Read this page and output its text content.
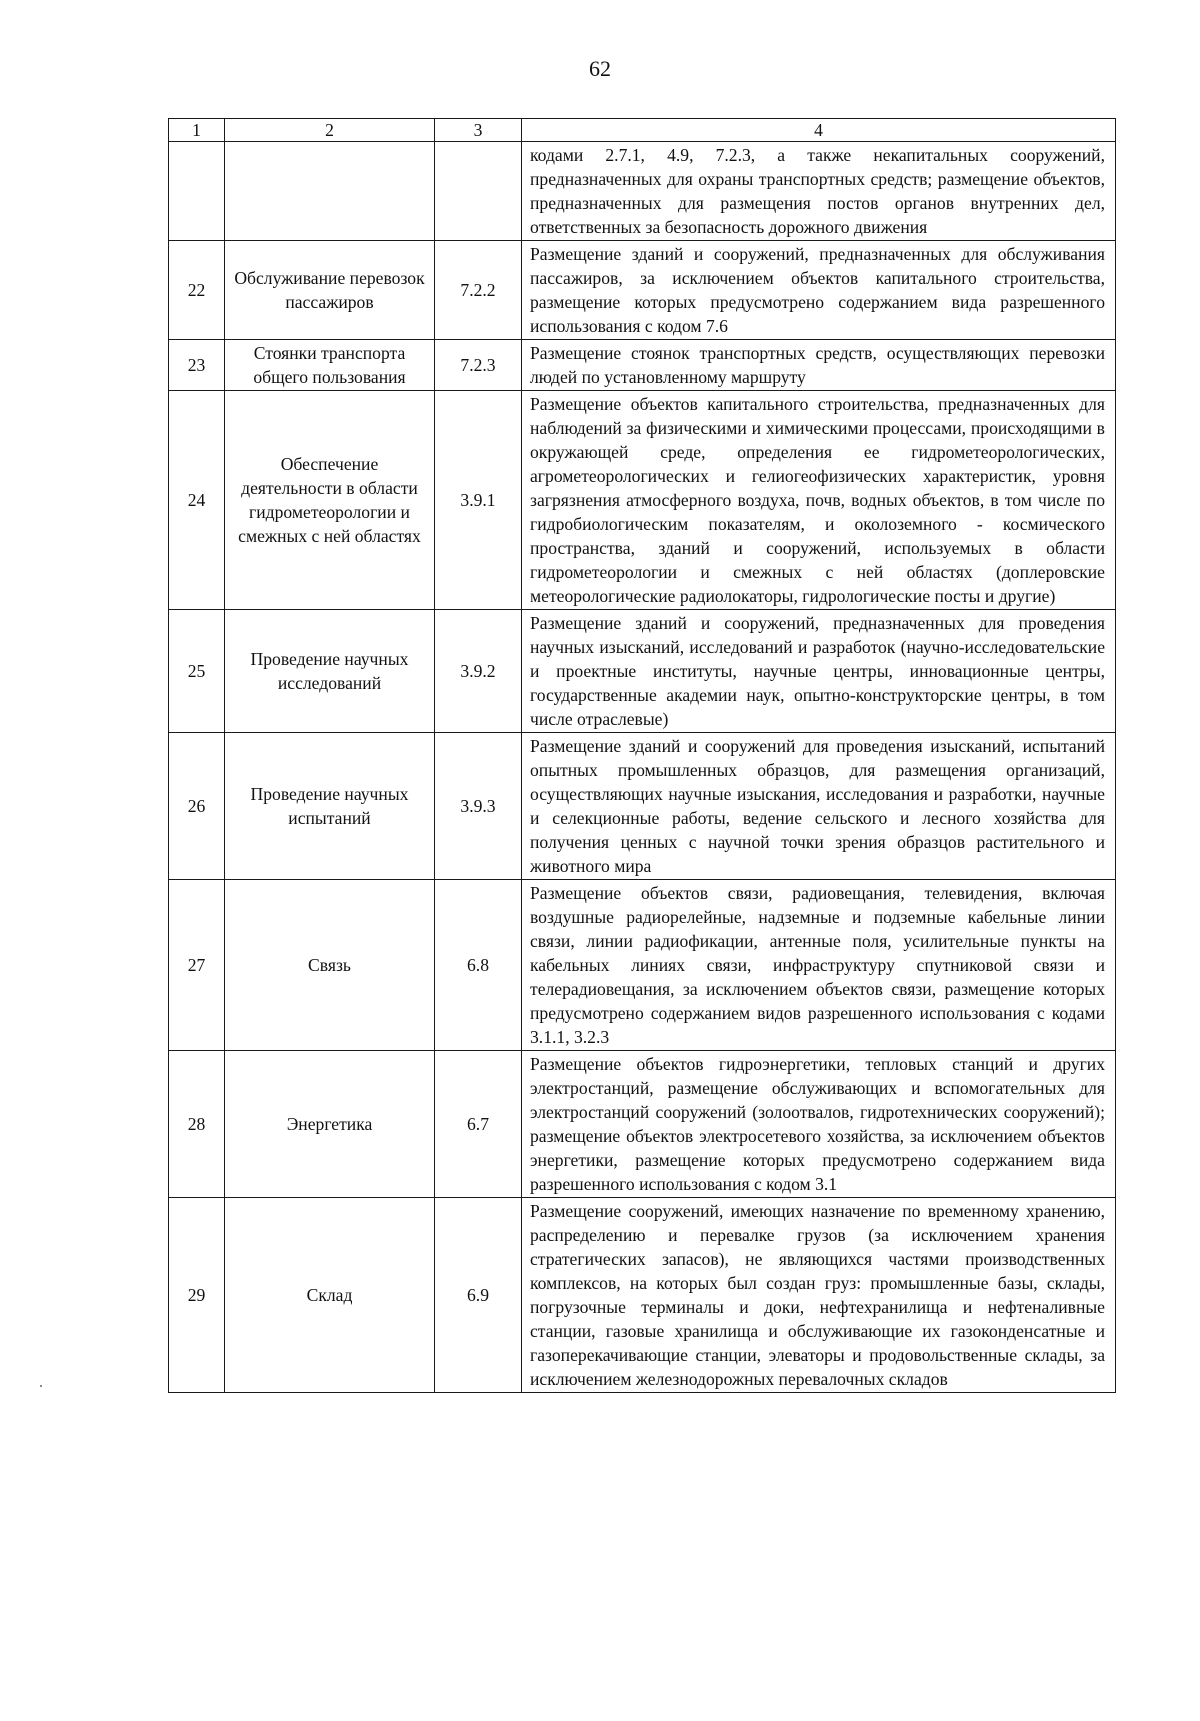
62
1	2	3	4
			кодами 2.7.1, 4.9, 7.2.3, а также некапитальных сооружений, предназначенных для охраны транспортных средств; размещение объектов, предназначенных для размещения постов органов внутренних дел, ответственных за безопасность дорожного движения
22	Обслуживание перевозок пассажиров	7.2.2	Размещение зданий и сооружений, предназначенных для обслуживания пассажиров, за исключением объектов капитального строительства, размещение которых предусмотрено содержанием вида разрешенного использования с кодом 7.6
23	Стоянки транспорта общего пользования	7.2.3	Размещение стоянок транспортных средств, осуществляющих перевозки людей по установленному маршруту
24	Обеспечение деятельности в области гидрометеорологии и смежных с ней областях	3.9.1	Размещение объектов капитального строительства, предназначенных для наблюдений за физическими и химическими процессами, происходящими в окружающей среде, определения ее гидрометеорологических, агрометеорологических и гелиогеофизических характеристик, уровня загрязнения атмосферного воздуха, почв, водных объектов, в том числе по гидробиологическим показателям, и околоземного - космического пространства, зданий и сооружений, используемых в области гидрометеорологии и смежных с ней областях (доплеровские метеорологические радиолокаторы, гидрологические посты и другие)
25	Проведение научных исследований	3.9.2	Размещение зданий и сооружений, предназначенных для проведения научных изысканий, исследований и разработок (научно-исследовательские и проектные институты, научные центры, инновационные центры, государственные академии наук, опытно-конструкторские центры, в том числе отраслевые)
26	Проведение научных испытаний	3.9.3	Размещение зданий и сооружений для проведения изысканий, испытаний опытных промышленных образцов, для размещения организаций, осуществляющих научные изыскания, исследования и разработки, научные и селекционные работы, ведение сельского и лесного хозяйства для получения ценных с научной точки зрения образцов растительного и животного мира
27	Связь	6.8	Размещение объектов связи, радиовещания, телевидения, включая воздушные радиорелейные, надземные и подземные кабельные линии связи, линии радиофикации, антенные поля, усилительные пункты на кабельных линиях связи, инфраструктуру спутниковой связи и телерадиовещания, за исключением объектов связи, размещение которых предусмотрено содержанием видов разрешенного использования с кодами 3.1.1, 3.2.3
28	Энергетика	6.7	Размещение объектов гидроэнергетики, тепловых станций и других электростанций, размещение обслуживающих и вспомогательных для электростанций сооружений (золоотвалов, гидротехнических сооружений); размещение объектов электросетевого хозяйства, за исключением объектов энергетики, размещение которых предусмотрено содержанием вида разрешенного использования с кодом 3.1
29	Склад	6.9	Размещение сооружений, имеющих назначение по временному хранению, распределению и перевалке грузов (за исключением хранения стратегических запасов), не являющихся частями производственных комплексов, на которых был создан груз: промышленные базы, склады, погрузочные терминалы и доки, нефтехранилища и нефтеналивные станции, газовые хранилища и обслуживающие их газоконденсатные и газоперекачивающие станции, элеваторы и продовольственные склады, за исключением железнодорожных перевалочных складов
